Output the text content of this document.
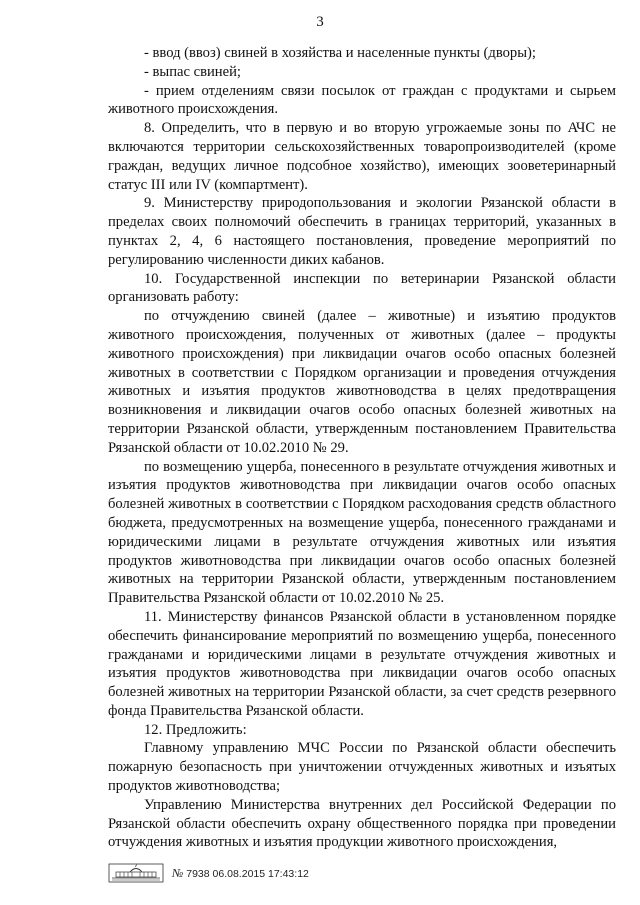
3

- ввод (ввоз) свиней в хозяйства и населенные пункты (дворы);

- выпас свиней;

- прием отделениям связи посылок от граждан с продуктами и сырьем животного происхождения.

8. Определить, что в первую и во вторую угрожаемые зоны по АЧС не включаются территории сельскохозяйственных товаропроизводителей (кроме граждан, ведущих личное подсобное хозяйство), имеющих зоoветеринарный статус III или IV (компартмент).

9. Министерству природопользования и экологии Рязанской области в пределах своих полномочий обеспечить в границах территорий, указанных в пунктах 2, 4, 6 настоящего постановления, проведение мероприятий по регулированию численности диких кабанов.

10. Государственной инспекции по ветеринарии Рязанской области организовать работу:

по отчуждению свиней (далее – животные) и изъятию продуктов животного происхождения, полученных от животных (далее – продукты животного происхождения) при ликвидации очагов особо опасных болезней животных в соответствии с Порядком организации и проведения отчуждения животных и изъятия продуктов животноводства в целях предотвращения возникновения и ликвидации очагов особо опасных болезней животных на территории Рязанской области, утвержденным постановлением Правительства Рязанской области от 10.02.2010 № 29.

по возмещению ущерба, понесенного в результате отчуждения животных и изъятия продуктов животноводства при ликвидации очагов особо опасных болезней животных в соответствии с Порядком расходования средств областного бюджета, предусмотренных на возмещение ущерба, понесенного гражданами и юридическими лицами в результате отчуждения животных или изъятия продуктов животноводства при ликвидации очагов особо опасных болезней животных на территории Рязанской области, утвержденным постановлением Правительства Рязанской области от 10.02.2010 № 25.

11. Министерству финансов Рязанской области в установленном порядке обеспечить финансирование мероприятий по возмещению ущерба, понесенного гражданами и юридическими лицами в результате отчуждения животных и изъятия продуктов животноводства при ликвидации очагов особо опасных болезней животных на территории Рязанской области, за счет средств резервного фонда Правительства Рязанской области.

12. Предложить:

Главному управлению МЧС России по Рязанской области обеспечить пожарную безопасность при уничтожении отчужденных животных и изъятых продуктов животноводства;

Управлению Министерства внутренних дел Российской Федерации по Рязанской области обеспечить охрану общественного порядка при проведении отчуждения животных и изъятия продукции животного происхождения,

№ 7938 06.08.2015 17:43:12
